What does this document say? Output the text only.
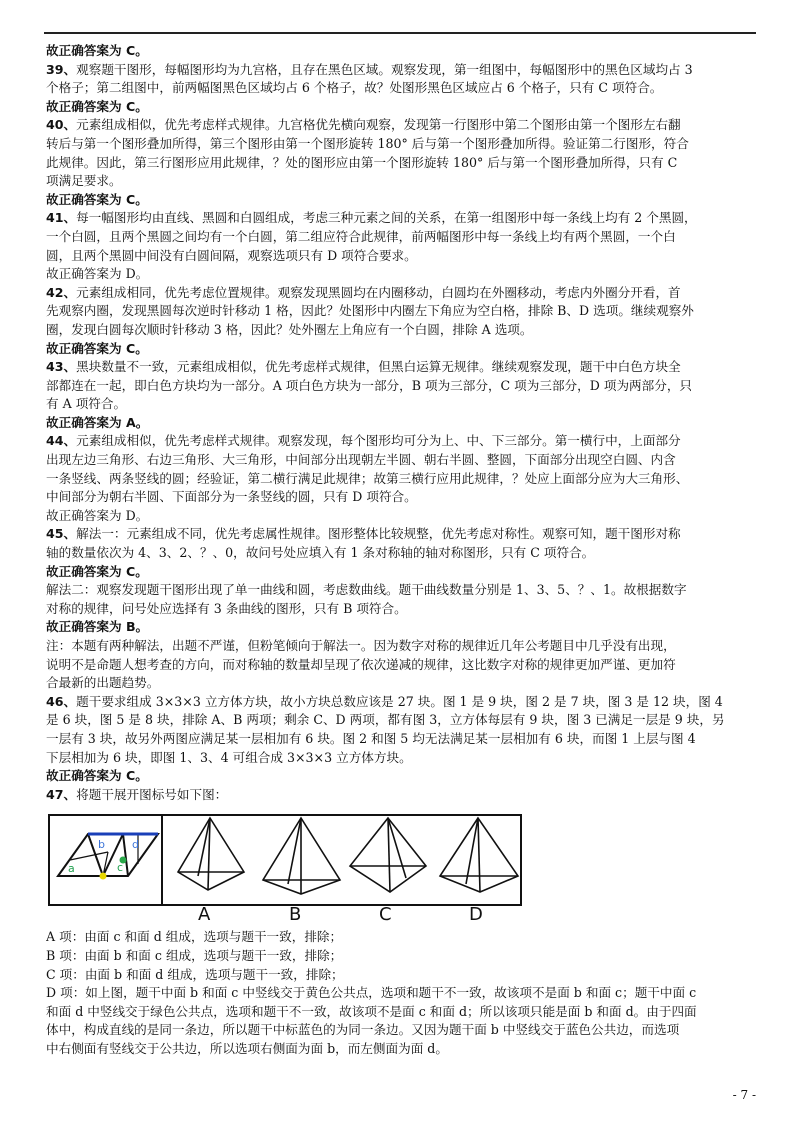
故正确答案为 C。
39、观察题干图形，每幅图形均为九宫格，且存在黑色区域。观察发现，第一组图中，每幅图形中的黑色区域均占 3
个格子；第二组图中，前两幅图黑色区域均占 6 个格子，故？处图形黑色区域应占 6 个格子，只有 C 项符合。
故正确答案为 C。
40、元素组成相似，优先考虑样式规律。九宫格优先横向观察，发现第一行图形中第二个图形由第一个图形左右翻
转后与第一个图形叠加所得，第三个图形由第一个图形旋转 180° 后与第一个图形叠加所得。验证第二行图形，符合
此规律。因此，第三行图形应用此规律，？处的图形应由第一个图形旋转 180° 后与第一个图形叠加所得，只有 C
项满足要求。
故正确答案为 C。
41、每一幅图形均由直线、黑圆和白圆组成，考虑三种元素之间的关系，在第一组图形中每一条线上均有 2 个黑圆，
一个白圆，且两个黑圆之间均有一个白圆，第二组应符合此规律，前两幅图形中每一条线上均有两个黑圆，一个白
圆，且两个黑圆中间没有白圆间隔，观察选项只有 D 项符合要求。
故正确答案为 D。
42、元素组成相同，优先考虑位置规律。观察发现黑圆均在内圈移动，白圆均在外圈移动，考虑内外圈分开看，首
先观察内圈，发现黑圆每次逆时针移动 1 格，因此？处图形中内圈左下角应为空白格，排除 B、D 选项。继续观察外
圈，发现白圆每次顺时针移动 3 格，因此？处外圈左上角应有一个白圆，排除 A 选项。
故正确答案为 C。
43、黑块数量不一致，元素组成相似，优先考虑样式规律，但黑白运算无规律。继续观察发现，题干中白色方块全
部都连在一起，即白色方块均为一部分。A 项白色方块为一部分，B 项为三部分，C 项为三部分，D 项为两部分，只
有 A 项符合。
故正确答案为 A。
44、元素组成相似，优先考虑样式规律。观察发现，每个图形均可分为上、中、下三部分。第一横行中，上面部分
出现左边三角形、右边三角形、大三角形，中间部分出现朝左半圆、朝右半圆、整圆，下面部分出现空白圆、内含
一条竖线、两条竖线的圆；经验证，第二横行满足此规律；故第三横行应用此规律，？处应上面部分应为大三角形、
中间部分为朝右半圆、下面部分为一条竖线的圆，只有 D 项符合。
故正确答案为 D。
45、解法一：元素组成不同，优先考虑属性规律。图形整体比较规整，优先考虑对称性。观察可知，题干图形对称
轴的数量依次为 4、3、2、？、0，故问号处应填入有 1 条对称轴的轴对称图形，只有 C 项符合。
故正确答案为 C。
解法二：观察发现题干图形出现了单一曲线和圆，考虑数曲线。题干曲线数量分别是 1、3、5、？、1。故根据数字
对称的规律，问号处应选择有 3 条曲线的图形，只有 B 项符合。
故正确答案为 B。
注：本题有两种解法，出题不严谨，但粉笔倾向于解法一。因为数字对称的规律近几年公考题目中几乎没有出现，
说明不是命题人想考查的方向，而对称轴的数量却呈现了依次递减的规律，这比数字对称的规律更加严谨、更加符
合最新的出题趋势。
46、题干要求组成 3×3×3 立方体方块，故小方块总数应该是 27 块。图 1 是 9 块，图 2 是 7 块，图 3 是 12 块，图 4
是 6 块，图 5 是 8 块，排除 A、B 两项；剩余 C、D 两项，都有图 3，立方体每层有 9 块，图 3 已满足一层是 9 块，另
一层有 3 块，故另外两图应满足某一层相加有 6 块。图 2 和图 5 均无法满足某一层相加有 6 块，而图 1 上层与图 4
下层相加为 6 块，即图 1、3、4 可组合成 3×3×3 立方体方块。
故正确答案为 C。
47、将题干展开图标号如下图：
a
b
c
d
A	B	C	D
A 项：由面 c 和面 d 组成，选项与题干一致，排除；
B 项：由面 b 和面 c 组成，选项与题干一致，排除；
C 项：由面 b 和面 d 组成，选项与题干一致，排除；
D 项：如上图，题干中面 b 和面 c 中竖线交于黄色公共点，选项和题干不一致，故该项不是面 b 和面 c；题干中面 c
和面 d 中竖线交于绿色公共点，选项和题干不一致，故该项不是面 c 和面 d；所以该项只能是面 b 和面 d。由于四面
体中，构成直线的是同一条边，所以题干中标蓝色的为同一条边。又因为题干面 b 中竖线交于蓝色公共边，而选项
中右侧面有竖线交于公共边，所以选项右侧面为面 b，而左侧面为面 d。
- 7 -
